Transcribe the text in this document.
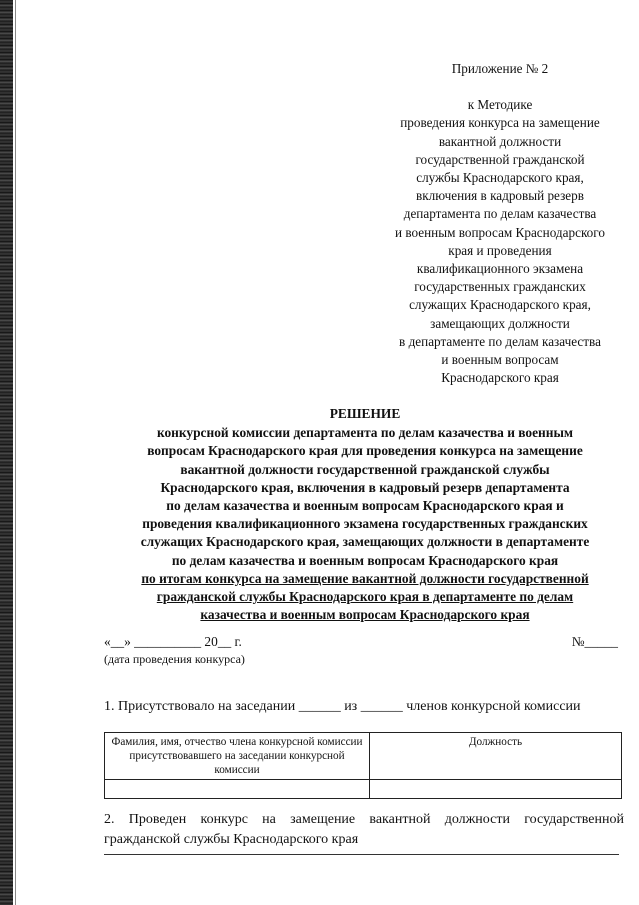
Приложение № 2
к Методике
проведения конкурса на замещение
вакантной должности
государственной гражданской
службы Краснодарского края,
включения в кадровый резерв
департамента по делам казачества
и военным вопросам Краснодарского
края и проведения
квалификационного экзамена
государственных гражданских
служащих Краснодарского края,
замещающих должности
в департаменте по делам казачества
и военным вопросам
Краснодарского края
РЕШЕНИЕ
конкурсной комиссии департамента по делам казачества и военным
вопросам Краснодарского края для проведения конкурса на замещение
вакантной должности государственной гражданской службы
Краснодарского края, включения в кадровый резерв департамента
по делам казачества и военным вопросам Краснодарского края и
проведения квалификационного экзамена государственных гражданских
служащих Краснодарского края, замещающих должности в департаменте
по делам казачества и военным вопросам Краснодарского края
по итогам конкурса на замещение вакантной должности государственной
гражданской службы Краснодарского края в департаменте по делам
казачества и военным вопросам Краснодарского края
«__» __________ 20__ г.	№_____
(дата проведения конкурса)
1. Присутствовало на заседании ______ из ______ членов конкурсной комиссии
Фамилия, имя, отчество члена конкурсной комиссии присутствовавшего на заседании конкурсной комиссии	Должность

2. Проведен конкурс на замещение вакантной должности государственной
гражданской службы Краснодарского края
